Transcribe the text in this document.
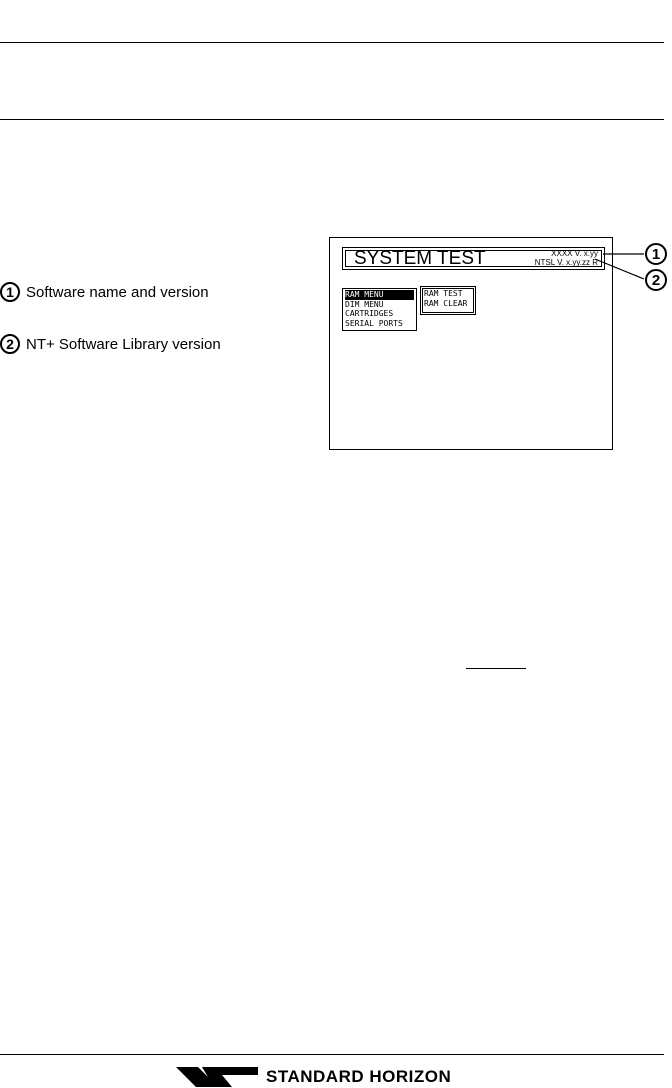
1 Software name and version
2 NT+ Software Library version
SYSTEM TEST	XXXX V. x.yy
NTSL V. x.yy.zz R
RAM MENU
DIM MENU
CARTRIDGES
SERIAL PORTS
RAM TEST
RAM CLEAR
1
2
STANDARD HORIZON
